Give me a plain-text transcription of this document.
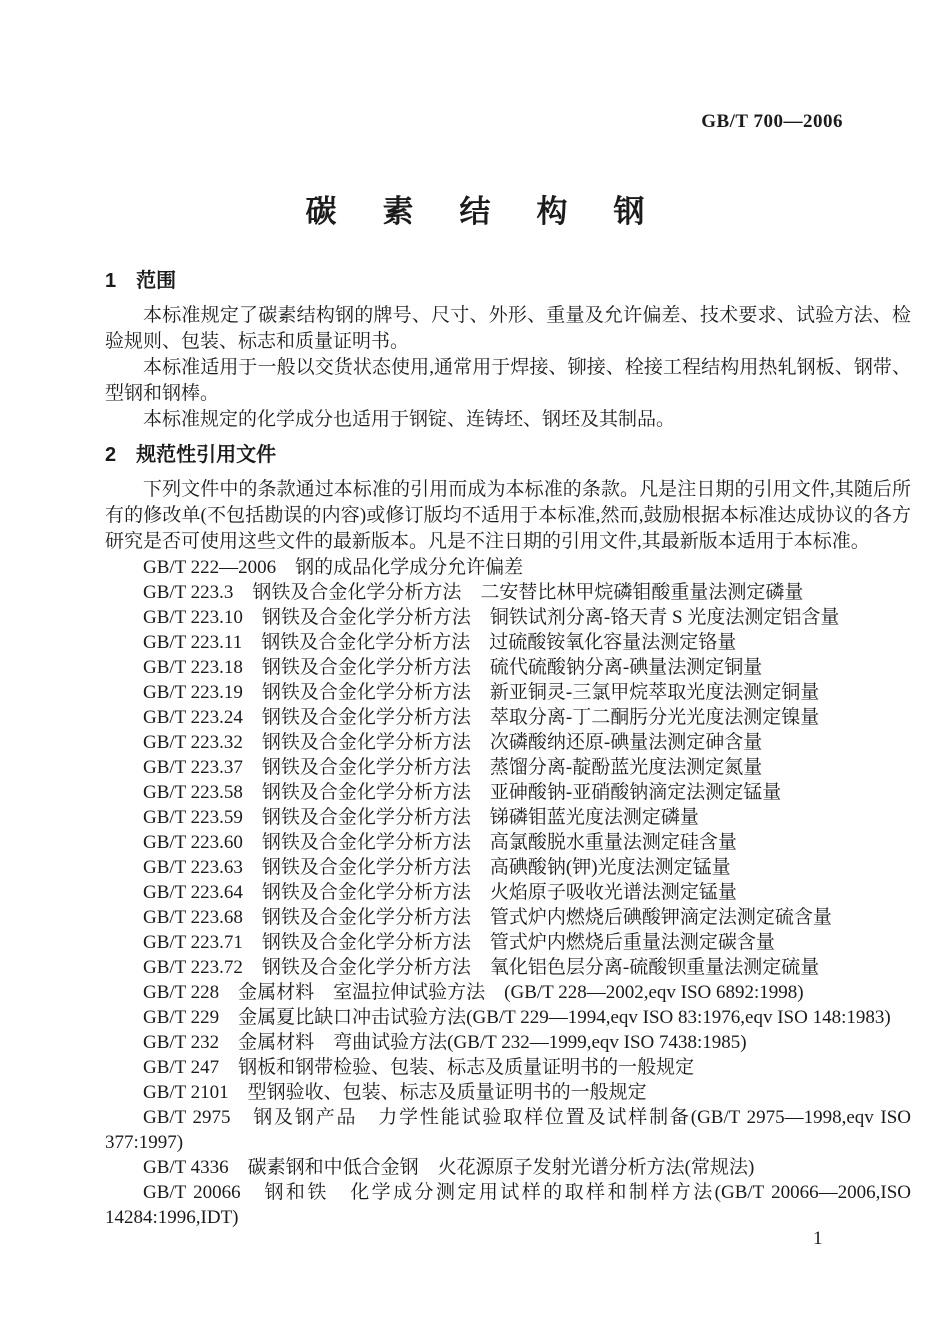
GB/T 700—2006
碳素结构钢
1 范围

本标准规定了碳素结构钢的牌号、尺寸、外形、重量及允许偏差、技术要求、试验方法、检验规则、包装、标志和质量证明书。

本标准适用于一般以交货状态使用,通常用于焊接、铆接、栓接工程结构用热轧钢板、钢带、型钢和钢棒。

本标准规定的化学成分也适用于钢锭、连铸坯、钢坯及其制品。

2 规范性引用文件

下列文件中的条款通过本标准的引用而成为本标准的条款。凡是注日期的引用文件,其随后所有的修改单(不包括勘误的内容)或修订版均不适用于本标准,然而,鼓励根据本标准达成协议的各方研究是否可使用这些文件的最新版本。凡是不注日期的引用文件,其最新版本适用于本标准。

GB/T 222—2006　钢的成品化学成分允许偏差

GB/T 223.3　钢铁及合金化学分析方法　二安替比林甲烷磷钼酸重量法测定磷量

GB/T 223.10　钢铁及合金化学分析方法　铜铁试剂分离-铬天青 S 光度法测定铝含量

GB/T 223.11　钢铁及合金化学分析方法　过硫酸铵氧化容量法测定铬量

GB/T 223.18　钢铁及合金化学分析方法　硫代硫酸钠分离-碘量法测定铜量

GB/T 223.19　钢铁及合金化学分析方法　新亚铜灵-三氯甲烷萃取光度法测定铜量

GB/T 223.24　钢铁及合金化学分析方法　萃取分离-丁二酮肟分光光度法测定镍量

GB/T 223.32　钢铁及合金化学分析方法　次磷酸纳还原-碘量法测定砷含量

GB/T 223.37　钢铁及合金化学分析方法　蒸馏分离-靛酚蓝光度法测定氮量

GB/T 223.58　钢铁及合金化学分析方法　亚砷酸钠-亚硝酸钠滴定法测定锰量

GB/T 223.59　钢铁及合金化学分析方法　锑磷钼蓝光度法测定磷量

GB/T 223.60　钢铁及合金化学分析方法　高氯酸脱水重量法测定硅含量

GB/T 223.63　钢铁及合金化学分析方法　高碘酸钠(钾)光度法测定锰量

GB/T 223.64　钢铁及合金化学分析方法　火焰原子吸收光谱法测定锰量

GB/T 223.68　钢铁及合金化学分析方法　管式炉内燃烧后碘酸钾滴定法测定硫含量

GB/T 223.71　钢铁及合金化学分析方法　管式炉内燃烧后重量法测定碳含量

GB/T 223.72　钢铁及合金化学分析方法　氧化铝色层分离-硫酸钡重量法测定硫量

GB/T 228　金属材料　室温拉伸试验方法　(GB/T 228—2002,eqv ISO 6892:1998)

GB/T 229　金属夏比缺口冲击试验方法(GB/T 229—1994,eqv ISO 83:1976,eqv ISO 148:1983)

GB/T 232　金属材料　弯曲试验方法(GB/T 232—1999,eqv ISO 7438:1985)

GB/T 247　钢板和钢带检验、包装、标志及质量证明书的一般规定

GB/T 2101　型钢验收、包装、标志及质量证明书的一般规定

GB/T 2975　钢及钢产品　力学性能试验取样位置及试样制备(GB/T 2975—1998,eqv ISO 377:1997)

GB/T 4336　碳素钢和中低合金钢　火花源原子发射光谱分析方法(常规法)

GB/T 20066　钢和铁　化学成分测定用试样的取样和制样方法(GB/T 20066—2006,ISO 14284:1996,IDT)

1
